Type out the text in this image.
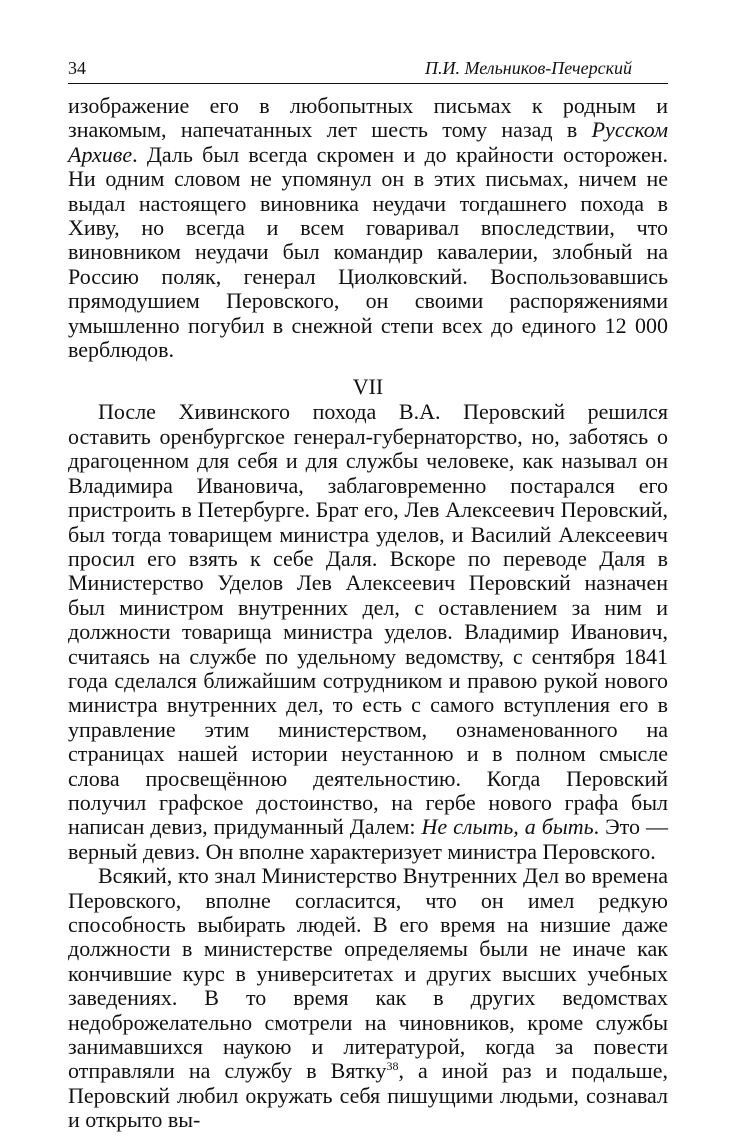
34	П.И. Мельников-Печерский

изображение его в любопытных письмах к родным и знакомым, напечатанных лет шесть тому назад в Русском Архиве. Даль был всегда скромен и до крайности осторожен. Ни одним словом не упомянул он в этих письмах, ничем не выдал настоящего виновника неудачи тогдашнего похода в Хиву, но всегда и всем говаривал впоследствии, что виновником неудачи был командир кавалерии, злобный на Россию поляк, генерал Циолковский. Воспользовавшись прямодушием Перовского, он своими распоряжениями умышленно погубил в снежной степи всех до единого 12 000 верблюдов.

VII

После Хивинского похода В.А. Перовский решился оставить оренбургское генерал-губернаторство, но, заботясь о драгоценном для себя и для службы человеке, как называл он Владимира Ивановича, заблаговременно постарался его пристроить в Петербурге. Брат его, Лев Алексеевич Перовский, был тогда товарищем министра уделов, и Василий Алексеевич просил его взять к себе Даля. Вскоре по переводе Даля в Министерство Уделов Лев Алексеевич Перовский назначен был министром внутренних дел, с оставлением за ним и должности товарища министра уделов. Владимир Иванович, считаясь на службе по удельному ведомству, с сентября 1841 года сделался ближайшим сотрудником и правою рукой нового министра внутренних дел, то есть с самого вступления его в управление этим министерством, ознаменованного на страницах нашей истории неустанною и в полном смысле слова просвещённою деятельностию. Когда Перовский получил графское достоинство, на гербе нового графа был написан девиз, придуманный Далем: Не слыть, а быть. Это — верный девиз. Он вполне характеризует министра Перовского.

Всякий, кто знал Министерство Внутренних Дел во времена Перовского, вполне согласится, что он имел редкую способность выбирать людей. В его время на низшие даже должности в министерстве определяемы были не иначе как кончившие курс в университетах и других высших учебных заведениях. В то время как в других ведомствах недоброжелательно смотрели на чиновников, кроме службы занимавшихся наукою и литературой, когда за повести отправляли на службу в Вятку$^{38}$, а иной раз и подальше, Перовский любил окружать себя пишущими людьми, сознавал и открыто вы-
